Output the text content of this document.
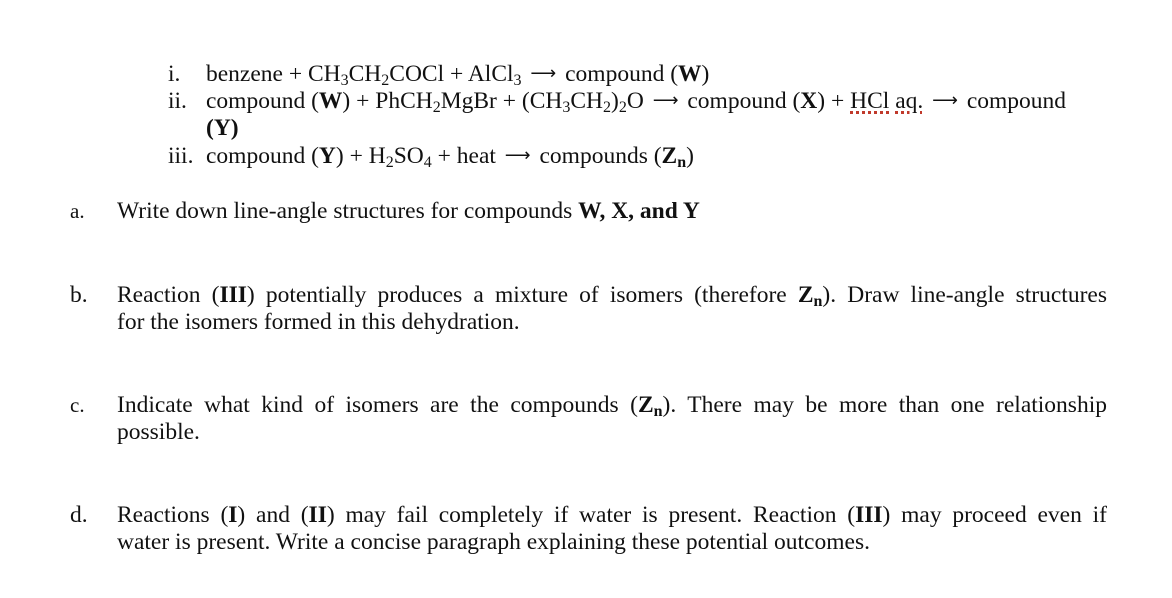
i. benzene + $CH_3CH_2COCl$ + AlCl$_3$ ⟶ compound (W)
ii. compound (W) + PhCH$_2$MgBr + $(CH_3CH_2)_2O$ ⟶ compound (X) + HCl aq. ⟶ compound
(Y)
iii. compound $(Y) + H_2SO_4$ + heat ⟶ compounds $(Z_n)$
a. Write down line-angle structures for compounds W, X, and Y
b. Reaction (III) potentially produces a mixture of isomers (therefore $Z_n$). Draw line-angle structures
for the isomers formed in this dehydration.
c. Indicate what kind of isomers are the compounds $(Z_n)$. There may be more than one relationship
possible.
d. Reactions (I) and (II) may fail completely if water is present. Reaction (III) may proceed even if
water is present. Write a concise paragraph explaining these potential outcomes.
